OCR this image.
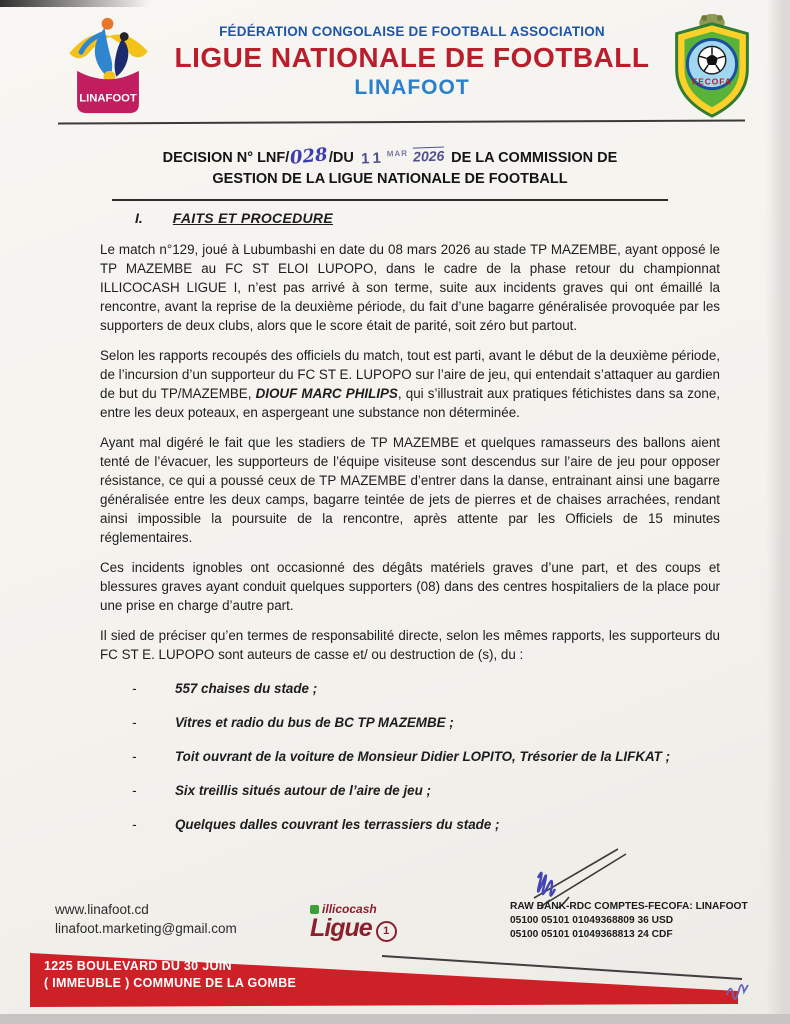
LINAFOOT
FÉDÉRATION CONGOLAISE DE FOOTBALL ASSOCIATION
LIGUE NATIONALE DE FOOTBALL
LINAFOOT	FECOFA
DECISION N° LNF/028/DU $11^{MAR}$ 2026 DE LA COMMISSION DE
GESTION DE LA LIGUE NATIONALE DE FOOTBALL
I. FAITS ET PROCEDURE

Le match n°129, joué à Lubumbashi en date du 08 mars 2026 au stade TP MAZEMBE, ayant opposé le TP MAZEMBE au FC ST ELOI LUPOPO, dans le cadre de la phase retour du championnat ILLICOCASH LIGUE I, n’est pas arrivé à son terme, suite aux incidents graves qui ont émaillé la rencontre, avant la reprise de la deuxième période, du fait d’une bagarre généralisée provoquée par les supporters de deux clubs, alors que le score était de parité, soit zéro but partout.

Selon les rapports recoupés des officiels du match, tout est parti, avant le début de la deuxième période, de l’incursion d’un supporteur du FC ST E. LUPOPO sur l’aire de jeu, qui entendait s’attaquer au gardien de but du TP/MAZEMBE, DIOUF MARC PHILIPS, qui s’illustrait aux pratiques fétichistes dans sa zone, entre les deux poteaux, en aspergeant une substance non déterminée.

Ayant mal digéré le fait que les stadiers de TP MAZEMBE et quelques ramasseurs des ballons aient tenté de l’évacuer, les supporteurs de l’équipe visiteuse sont descendus sur l’aire de jeu pour opposer résistance, ce qui a poussé ceux de TP MAZEMBE d’entrer dans la danse, entrainant ainsi une bagarre généralisée entre les deux camps, bagarre teintée de jets de pierres et de chaises arrachées, rendant ainsi impossible la poursuite de la rencontre, après attente par les Officiels de 15 minutes réglementaires.

Ces incidents ignobles ont occasionné des dégâts matériels graves d’une part, et des coups et blessures graves ayant conduit quelques supporters (08) dans des centres hospitaliers de la place pour une prise en charge d’autre part.

Il sied de préciser qu’en termes de responsabilité directe, selon les mêmes rapports, les supporteurs du FC ST E. LUPOPO sont auteurs de casse et/ ou destruction de (s), du :

- 557 chaises du stade ;
- Vitres et radio du bus de BC TP MAZEMBE ;
- Toit ouvrant de la voiture de Monsieur Didier LOPITO, Trésorier de la LIFKAT ;
- Six treillis situés autour de l’aire de jeu ;
- Quelques dalles couvrant les terrassiers du stade ;
www.linafoot.cd
linafoot.marketing@gmail.com
illicocash
Ligue 1
RAW BANK-RDC COMPTES-FECOFA: LINAFOOT
05100 05101 01049368809 36 USD
05100 05101 01049368813 24 CDF
1225 BOULEVARD DU 30 JUIN
( IMMEUBLE ) COMMUNE DE LA GOMBE
